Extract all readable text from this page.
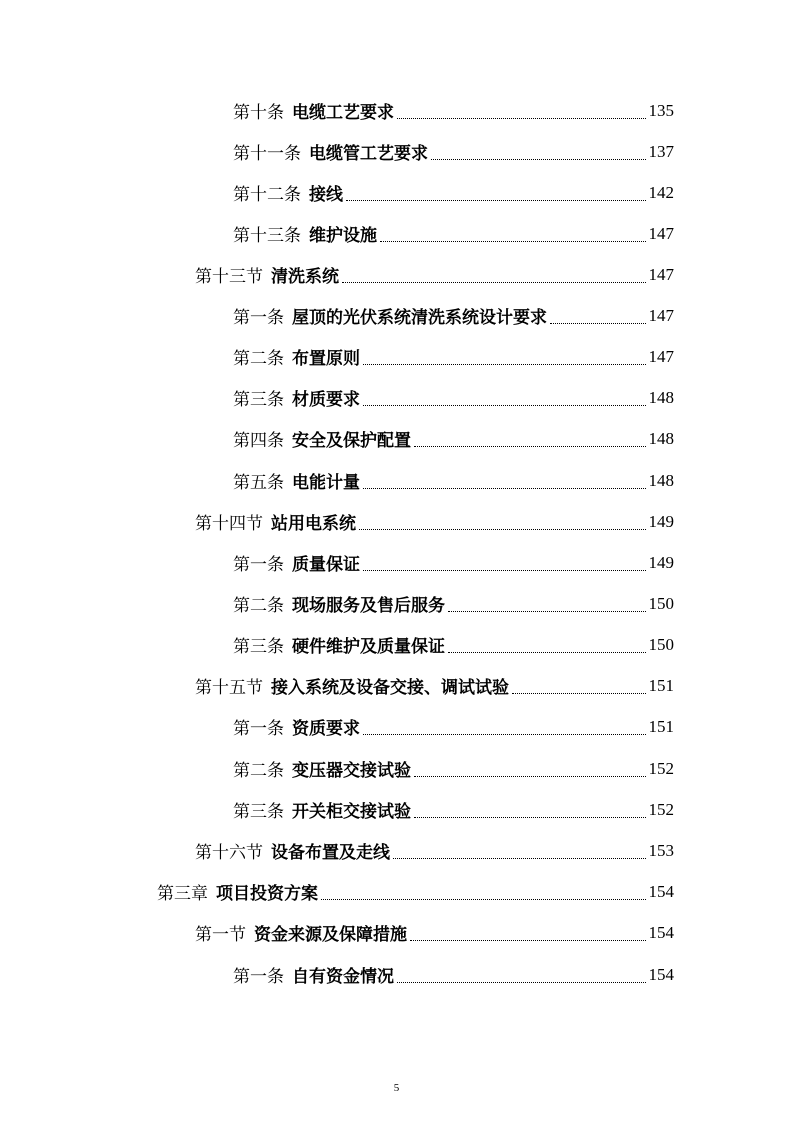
第十条 电缆工艺要求	135
第十一条 电缆管工艺要求	137
第十二条 接线	142
第十三条 维护设施	147
第十三节 清洗系统	147
第一条 屋顶的光伏系统清洗系统设计要求	147
第二条 布置原则	147
第三条 材质要求	148
第四条 安全及保护配置	148
第五条 电能计量	148
第十四节 站用电系统	149
第一条 质量保证	149
第二条 现场服务及售后服务	150
第三条 硬件维护及质量保证	150
第十五节 接入系统及设备交接、调试试验	151
第一条 资质要求	151
第二条 变压器交接试验	152
第三条 开关柜交接试验	152
第十六节 设备布置及走线	153
第三章 项目投资方案	154
第一节 资金来源及保障措施	154
第一条 自有资金情况	154
5
